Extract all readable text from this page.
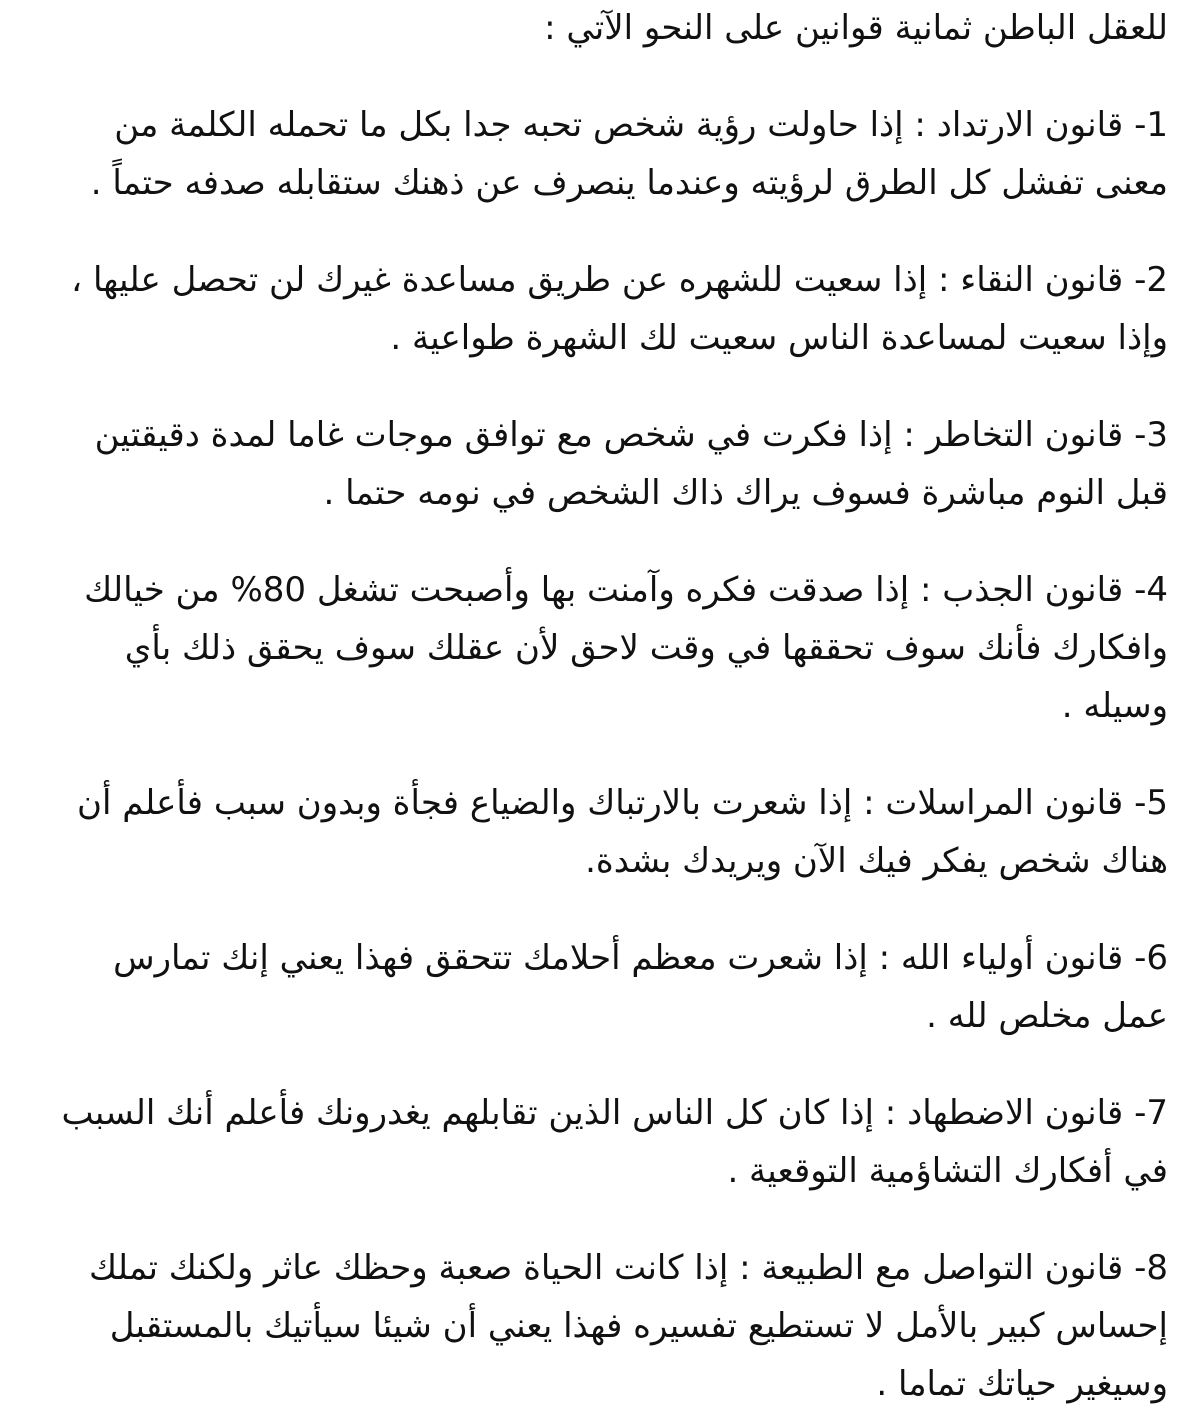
للعقل الباطن ثمانية قوانين على النحو الآتي :

1- قانون الارتداد : إذا حاولت رؤية شخص تحبه جدا بكل ما تحمله الكلمة من معنى تفشل كل الطرق لرؤيته وعندما ينصرف عن ذهنك ستقابله صدفه حتماً .

2- قانون النقاء : إذا سعيت للشهره عن طريق مساعدة غيرك لن تحصل عليها ، وإذا سعيت لمساعدة الناس سعيت لك الشهرة طواعية .

3- قانون التخاطر : إذا فكرت في شخص مع توافق موجات غاما لمدة دقيقتين قبل النوم مباشرة فسوف يراك ذاك الشخص في نومه حتما .

4- قانون الجذب : إذا صدقت فكره وآمنت بها وأصبحت تشغل 80% من خيالك وافكارك فأنك سوف تحققها في وقت لاحق لأن عقلك سوف يحقق ذلك بأي وسيله .

5- قانون المراسلات : إذا شعرت بالارتباك والضياع فجأة وبدون سبب فأعلم أن هناك شخص يفكر فيك الآن ويريدك بشدة.

6- قانون أولياء الله : إذا شعرت معظم أحلامك تتحقق فهذا يعني إنك تمارس عمل مخلص لله .

7- قانون الاضطهاد : إذا كان كل الناس الذين تقابلهم يغدرونك فأعلم أنك السبب في أفكارك التشاؤمية التوقعية .

8- قانون التواصل مع الطبيعة : إذا كانت الحياة صعبة وحظك عاثر ولكنك تملك إحساس كبير بالأمل لا تستطيع تفسيره فهذا يعني أن شيئا سيأتيك بالمستقبل وسيغير حياتك تماما .
